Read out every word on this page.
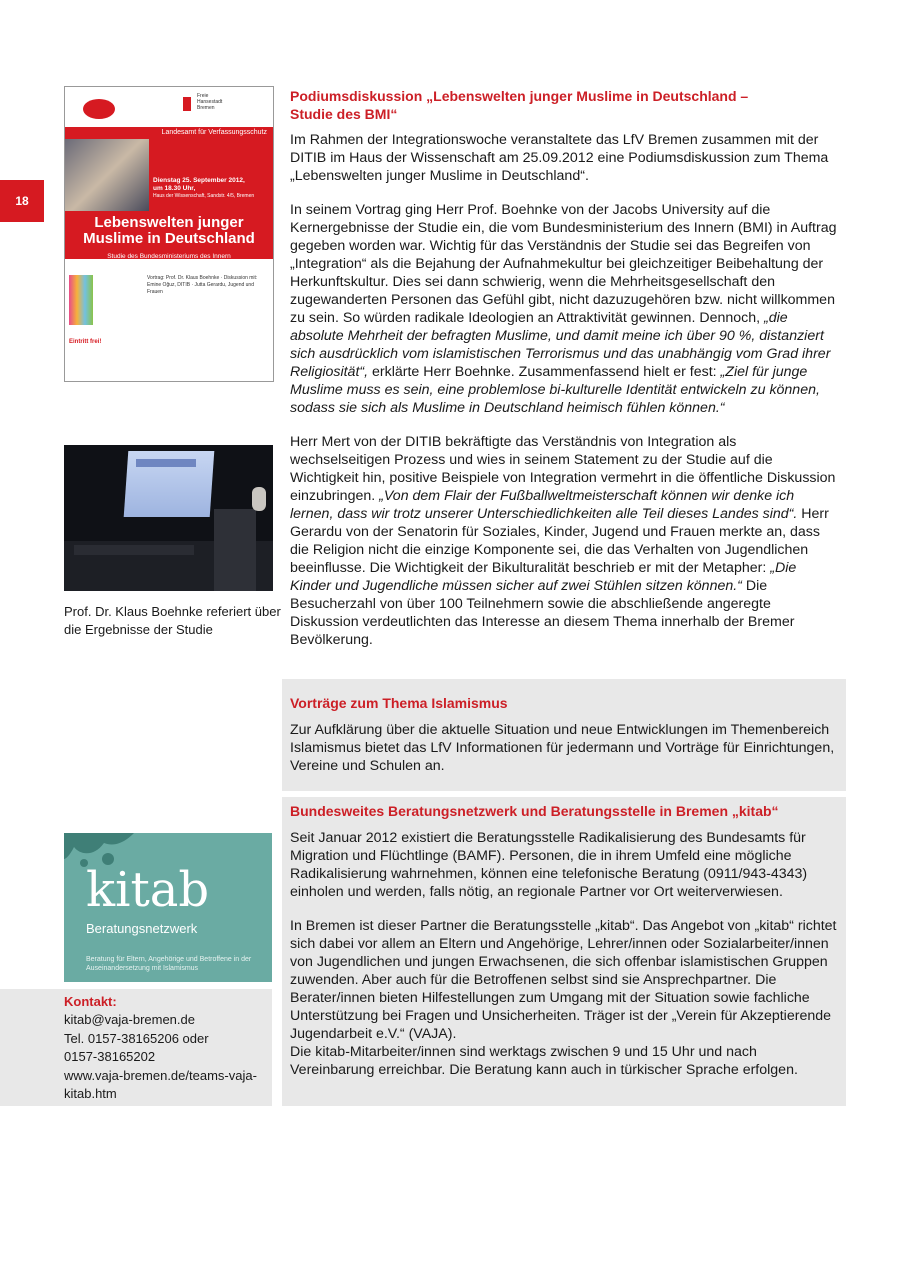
18
Freie
Hansestadt
Bremen
Landesamt für Verfassungsschutz
Dienstag 25. September 2012,
um 18.30 Uhr,
Haus der Wissenschaft, Sandstr. 4/5, Bremen
Lebenswelten junger
Muslime in Deutschland
Studie des Bundesministeriums des Innern
Vortrag: Prof. Dr. Klaus Boehnke · Diskussion mit: Emine Oğuz, DITIB · Jutta Gerardu, Jugend und Frauen
Eintritt frei!
Prof. Dr. Klaus Boehnke referiert über die Ergebnisse der Studie
Podiumsdiskussion „Lebenswelten junger Muslime in Deutschland – Studie des BMI“

Im Rahmen der Integrationswoche veranstaltete das LfV Bremen zusammen mit der DITIB im Haus der Wissenschaft am 25.09.2012 eine Podiumsdiskussion zum Thema „Lebenswelten junger Muslime in Deutschland“.

In seinem Vortrag ging Herr Prof. Boehnke von der Jacobs University auf die Kernergebnisse der Studie ein, die vom Bundesministerium des Innern (BMI) in Auftrag gegeben worden war. Wichtig für das Verständnis der Studie sei das Begreifen von „Integration“ als die Bejahung der Aufnahmekultur bei gleichzeitiger Beibehaltung der Herkunftskultur. Dies sei dann schwierig, wenn die Mehrheitsgesellschaft den zugewanderten Personen das Gefühl gibt, nicht dazuzugehören bzw. nicht willkommen zu sein. So würden radikale Ideologien an Attraktivität gewinnen. Dennoch, „die absolute Mehrheit der befragten Muslime, und damit meine ich über 90 %, distanziert sich ausdrücklich vom islamistischen Terrorismus und das unabhängig vom Grad ihrer Religiosität“, erklärte Herr Boehnke. Zusammenfassend hielt er fest: „Ziel für junge Muslime muss es sein, eine problemlose bi-kulturelle Identität entwickeln zu können, sodass sie sich als Muslime in Deutschland heimisch fühlen können.“

Herr Mert von der DITIB bekräftigte das Verständnis von Integration als wechselseitigen Prozess und wies in seinem Statement zu der Studie auf die Wichtigkeit hin, positive Beispiele von Integration vermehrt in die öffentliche Diskussion einzubringen. „Von dem Flair der Fußballweltmeisterschaft können wir denke ich lernen, dass wir trotz unserer Unterschiedlichkeiten alle Teil dieses Landes sind“. Herr Gerardu von der Senatorin für Soziales, Kinder, Jugend und Frauen merkte an, dass die Religion nicht die einzige Komponente sei, die das Verhalten von Jugendlichen beeinflusse. Die Wichtigkeit der Bikulturalität beschrieb er mit der Metapher: „Die Kinder und Jugendliche müssen sicher auf zwei Stühlen sitzen können.“ Die Besucherzahl von über 100 Teilnehmern sowie die abschließende angeregte Diskussion verdeutlichten das Interesse an diesem Thema innerhalb der Bremer Bevölkerung.

Vorträge zum Thema Islamismus
Zur Aufklärung über die aktuelle Situation und neue Entwicklungen im Themenbereich Islamismus bietet das LfV Informationen für jedermann und Vorträge für Einrichtungen, Vereine und Schulen an.
Bundesweites Beratungsnetzwerk und Beratungsstelle in Bremen „kitab“

Seit Januar 2012 existiert die Beratungsstelle Radikalisierung des Bundesamts für Migration und Flüchtlinge (BAMF). Personen, die in ihrem Umfeld eine mögliche Radikalisierung wahrnehmen, können eine telefonische Beratung (0911/943-4343) einholen und werden, falls nötig, an regionale Partner vor Ort weiterverwiesen.

In Bremen ist dieser Partner die Beratungsstelle „kitab“. Das Angebot von „kitab“ richtet sich dabei vor allem an Eltern und Angehörige, Lehrer/innen oder Sozialarbeiter/innen von Jugendlichen und jungen Erwachsenen, die sich offenbar islamistischen Gruppen zuwenden. Aber auch für die Betroffenen selbst sind sie Ansprechpartner. Die Berater/innen bieten Hilfestellungen zum Umgang mit der Situation sowie fachliche Unterstützung bei Fragen und Unsicherheiten. Träger ist der „Verein für Akzeptierende Jugendarbeit e.V.“ (VAJA).

Die kitab-Mitarbeiter/innen sind werktags zwischen 9 und 15 Uhr und nach Vereinbarung erreichbar. Die Beratung kann auch in türkischer Sprache erfolgen.

kitab
Beratungsnetzwerk
Beratung für Eltern, Angehörige und Betroffene in der Auseinandersetzung mit Islamismus
Kontakt:
kitab@vaja-bremen.de
Tel. 0157-38165206 oder
0157-38165202
www.vaja-bremen.de/teams-vaja-
kitab.htm
